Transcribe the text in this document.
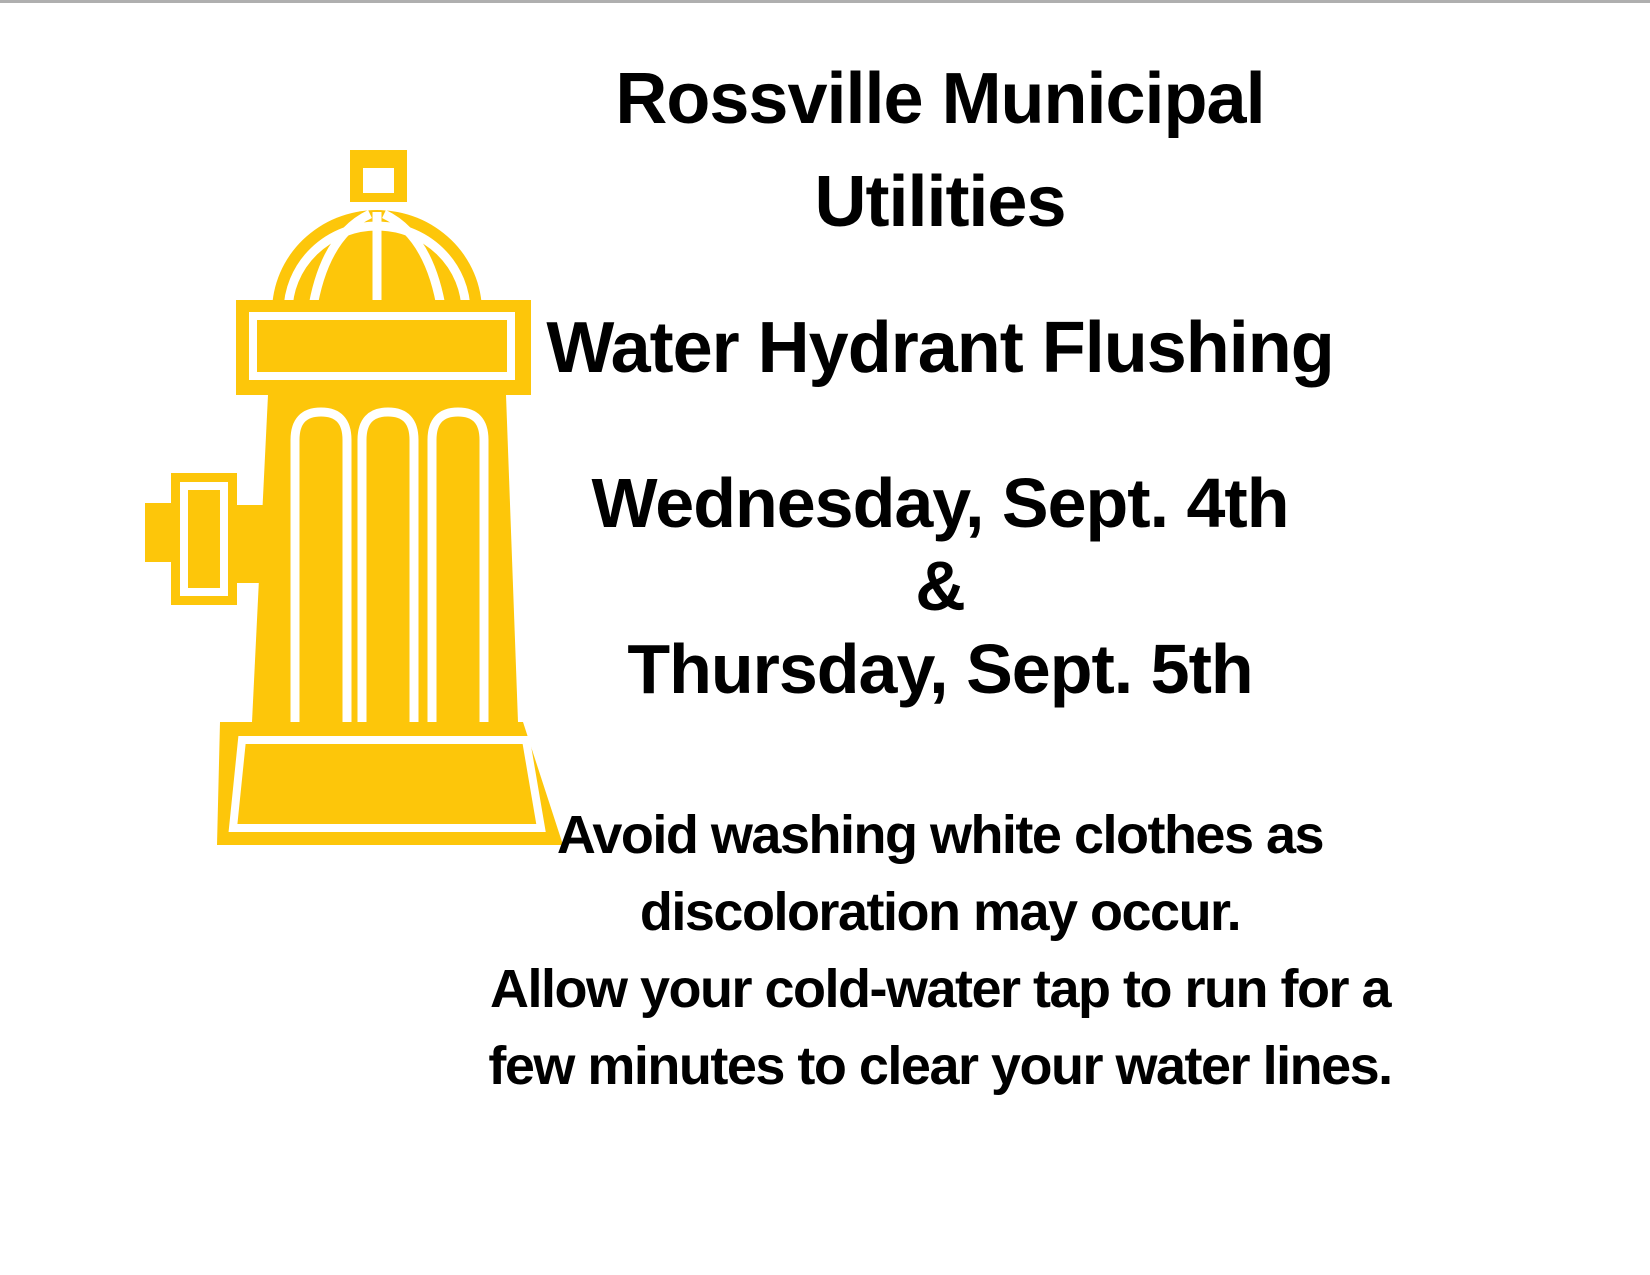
Rossville Municipal
Utilities
Water Hydrant Flushing
Wednesday, Sept. 4th
&
Thursday, Sept. 5th
Avoid washing white clothes as
discoloration may occur.
Allow your cold-water tap to run for a
few minutes to clear your water lines.
